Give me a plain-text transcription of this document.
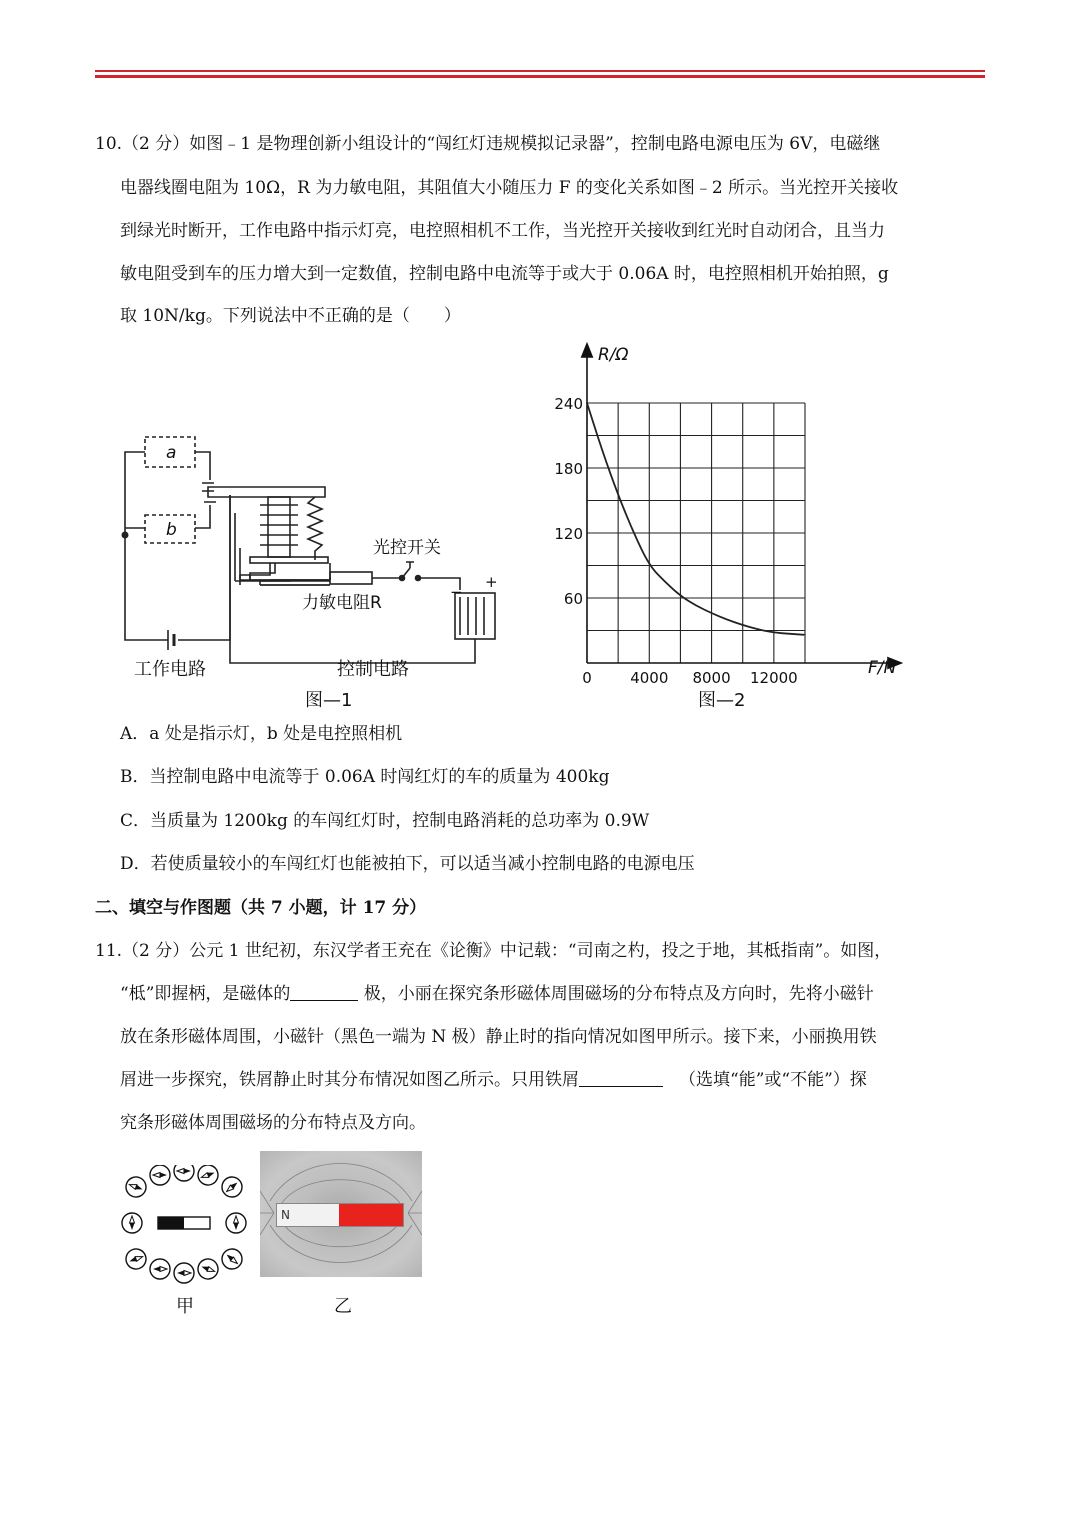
10.（2 分）如图﹣1 是物理创新小组设计的“闯红灯违规模拟记录器”，控制电路电源电压为 6V，电磁继
电器线圈电阻为 10Ω，R 为力敏电阻，其阻值大小随压力 F 的变化关系如图﹣2 所示。当光控开关接收
到绿光时断开，工作电路中指示灯亮，电控照相机不工作，当光控开关接收到红光时自动闭合，且当力
敏电阻受到车的压力增大到一定数值，控制电路中电流等于或大于 0.06A 时，电控照相机开始拍照，g
取 10N/kg。下列说法中不正确的是（　　）
a
b
光控开关
力敏电阻R
+
−
工作电路	控制电路
图—1
0	4000 8000 12000
60
120
180
240
R/Ω
F/N
图—2
A．a 处是指示灯，b 处是电控照相机
B．当控制电路中电流等于 0.06A 时闯红灯的车的质量为 400kg
C．当质量为 1200kg 的车闯红灯时，控制电路消耗的总功率为 0.9W
D．若使质量较小的车闯红灯也能被拍下，可以适当减小控制电路的电源电压
二、填空与作图题（共 7 小题，计 17 分）
11.（2 分）公元 1 世纪初，东汉学者王充在《论衡》中记载：“司南之杓，投之于地，其柢指南”。如图，
“柢”即握柄，是磁体的	极，小丽在探究条形磁体周围磁场的分布特点及方向时，先将小磁针
放在条形磁体周围，小磁针（黑色一端为 N 极）静止时的指向情况如图甲所示。接下来，小丽换用铁
屑进一步探究，铁屑静止时其分布情况如图乙所示。只用铁屑	（选填“能”或“不能”）探
究条形磁体周围磁场的分布特点及方向。
甲
N	S
乙
